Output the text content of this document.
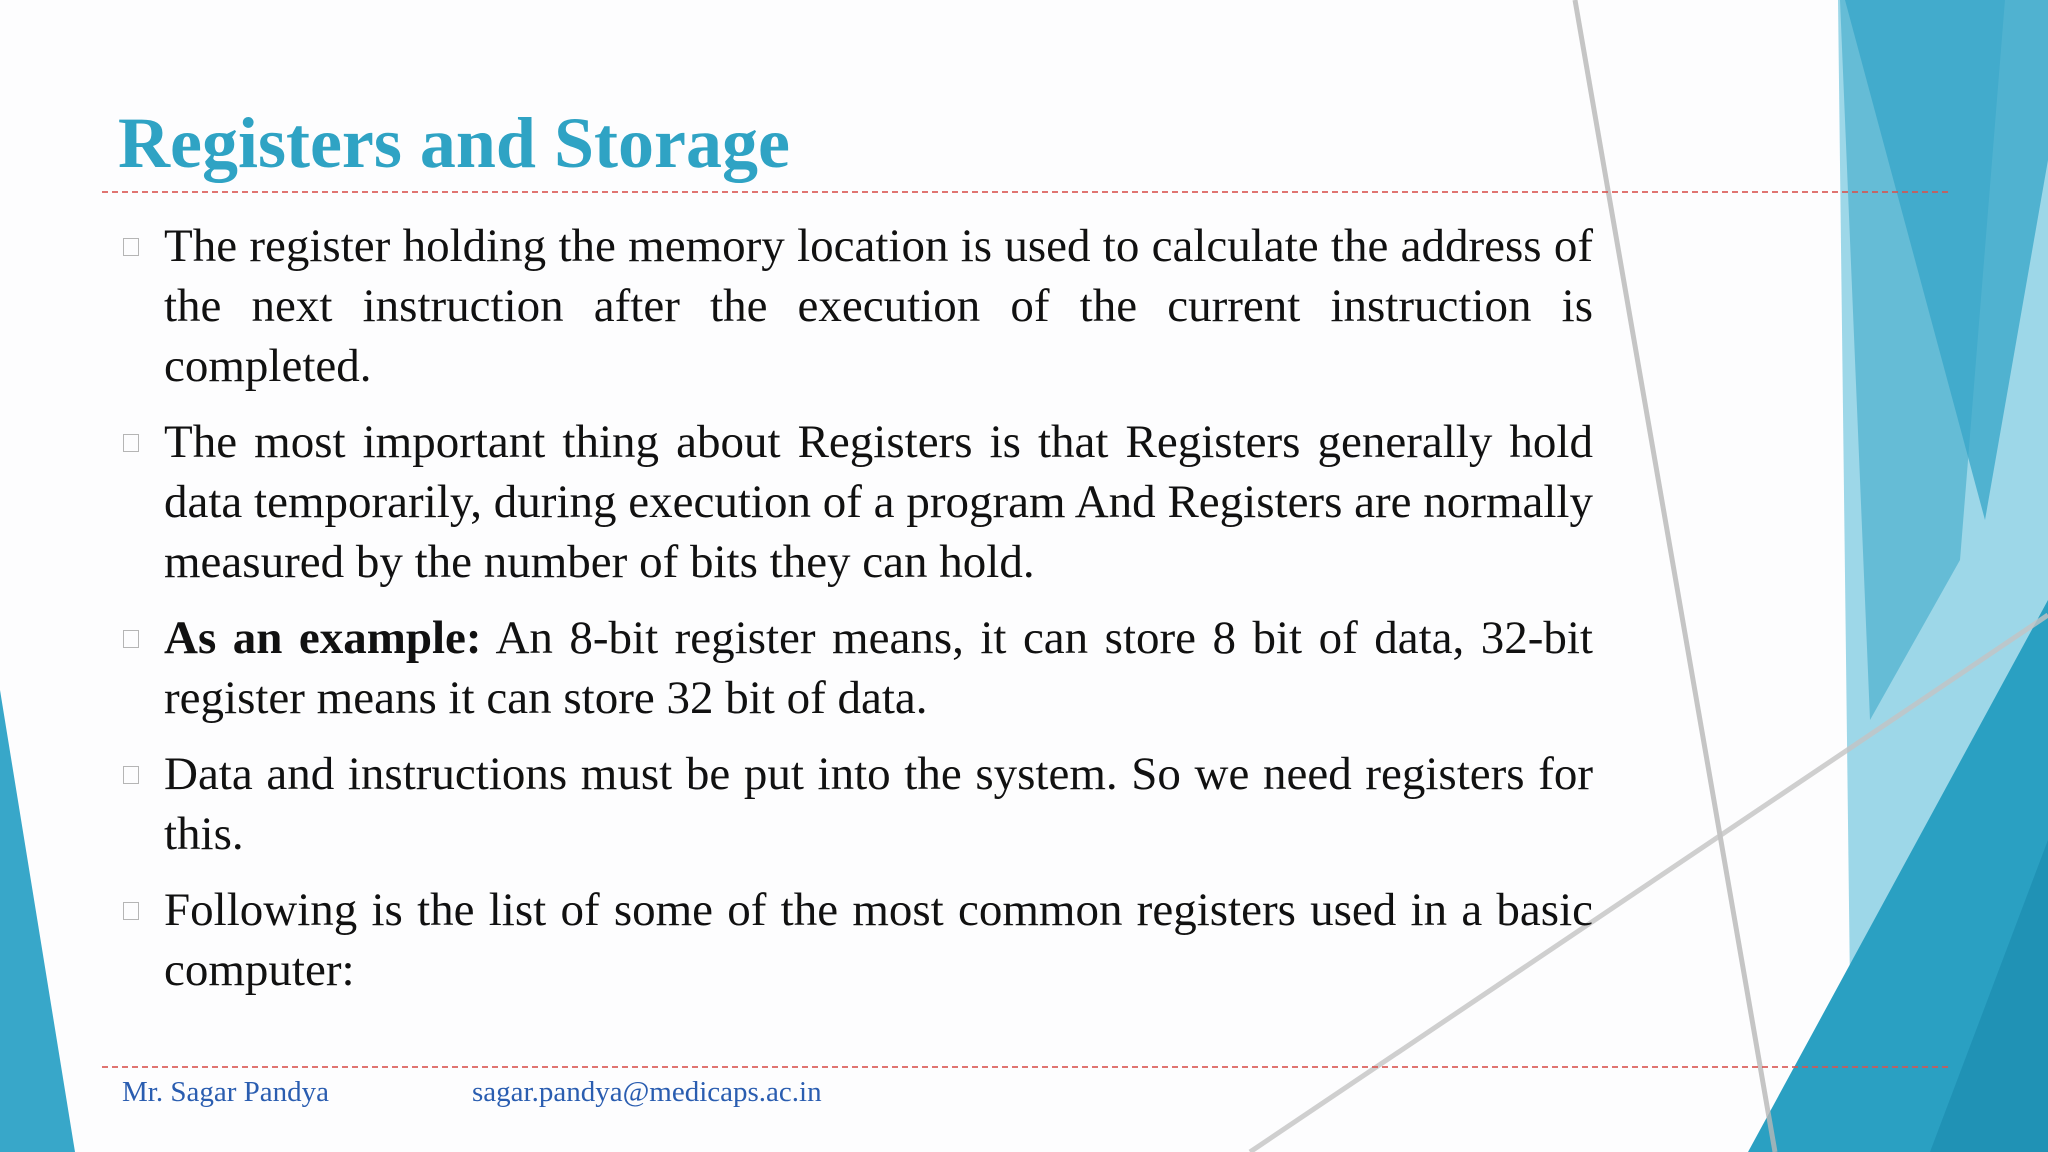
Registers and Storage
The register holding the memory location is used to calculate the address of the next instruction after the execution of the current instruction is completed.
The most important thing about Registers is that Registers generally hold data temporarily, during execution of a program And Registers are normally measured by the number of bits they can hold.
As an example: An 8-bit register means, it can store 8 bit of data, 32-bit register means it can store 32 bit of data.
Data and instructions must be put into the system. So we need registers for this.
Following is the list of some of the most common registers used in a basic computer:
Mr. Sagar Pandya	sagar.pandya@medicaps.ac.in
